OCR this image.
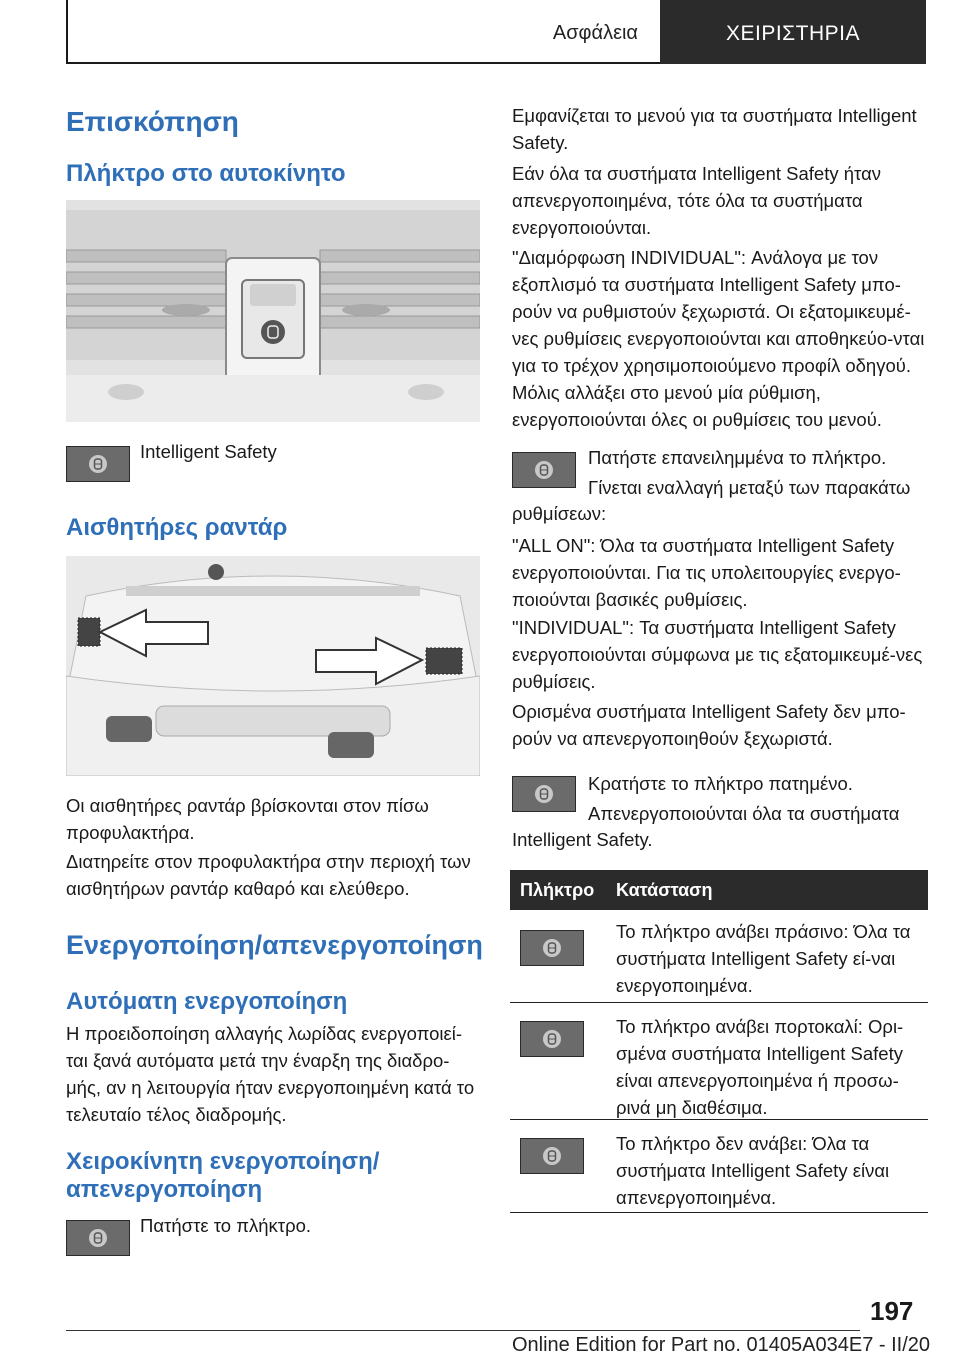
Ασφάλεια	ΧΕΙΡΙΣΤΗΡΙΑ
Επισκόπηση
Πλήκτρο στο αυτοκίνητο
Intelligent Safety
Αισθητήρες ραντάρ

Οι αισθητήρες ραντάρ βρίσκονται στον πίσω προφυλακτήρα.

Διατηρείτε στον προφυλακτήρα στην περιοχή των αισθητήρων ραντάρ καθαρό και ελεύθερο.

Ενεργοποίηση/απενεργοποίηση
Αυτόματη ενεργοποίηση

Η προειδοποίηση αλλαγής λωρίδας ενεργοποιεί-ται ξανά αυτόματα μετά την έναρξη της διαδρο-μής, αν η λειτουργία ήταν ενεργοποιημένη κατά το τελευταίο τέλος διαδρομής.

Χειροκίνητη ενεργοποίηση/
απενεργοποίηση
Πατήστε το πλήκτρο.

Εμφανίζεται το μενού για τα συστήματα Intelligent Safety.

Εάν όλα τα συστήματα Intelligent Safety ήταν απενεργοποιημένα, τότε όλα τα συστήματα ενεργοποιούνται.

"Διαμόρφωση INDIVIDUAL": Ανάλογα με τον εξοπλισμό τα συστήματα Intelligent Safety μπο-ρούν να ρυθμιστούν ξεχωριστά. Οι εξατομικευμέ-νες ρυθμίσεις ενεργοποιούνται και αποθηκεύο-νται για το τρέχον χρησιμοποιούμενο προφίλ οδηγού. Μόλις αλλάξει στο μενού μία ρύθμιση, ενεργοποιούνται όλες οι ρυθμίσεις του μενού.

Πατήστε επανειλημμένα το πλήκτρο.
Γίνεται εναλλαγή μεταξύ των παρακάτω
ρυθμίσεων:

"ALL ON": Όλα τα συστήματα Intelligent Safety ενεργοποιούνται. Για τις υπολειτουργίες ενεργο-ποιούνται βασικές ρυθμίσεις.

"INDIVIDUAL": Τα συστήματα Intelligent Safety ενεργοποιούνται σύμφωνα με τις εξατομικευμέ-νες ρυθμίσεις.

Ορισμένα συστήματα Intelligent Safety δεν μπο-ρούν να απενεργοποιηθούν ξεχωριστά.

Κρατήστε το πλήκτρο πατημένο.
Απενεργοποιούνται όλα τα συστήματα
Intelligent Safety.
Πλήκτρο Κατάσταση
Το πλήκτρο ανάβει πράσινο: Όλα τα συστήματα Intelligent Safety εί-ναι ενεργοποιημένα.
Το πλήκτρο ανάβει πορτοκαλί: Ορι-σμένα συστήματα Intelligent Safety είναι απενεργοποιημένα ή προσω-ρινά μη διαθέσιμα.
Το πλήκτρο δεν ανάβει: Όλα τα συστήματα Intelligent Safety είναι απενεργοποιημένα.
197
Online Edition for Part no. 01405A034E7 - II/20
